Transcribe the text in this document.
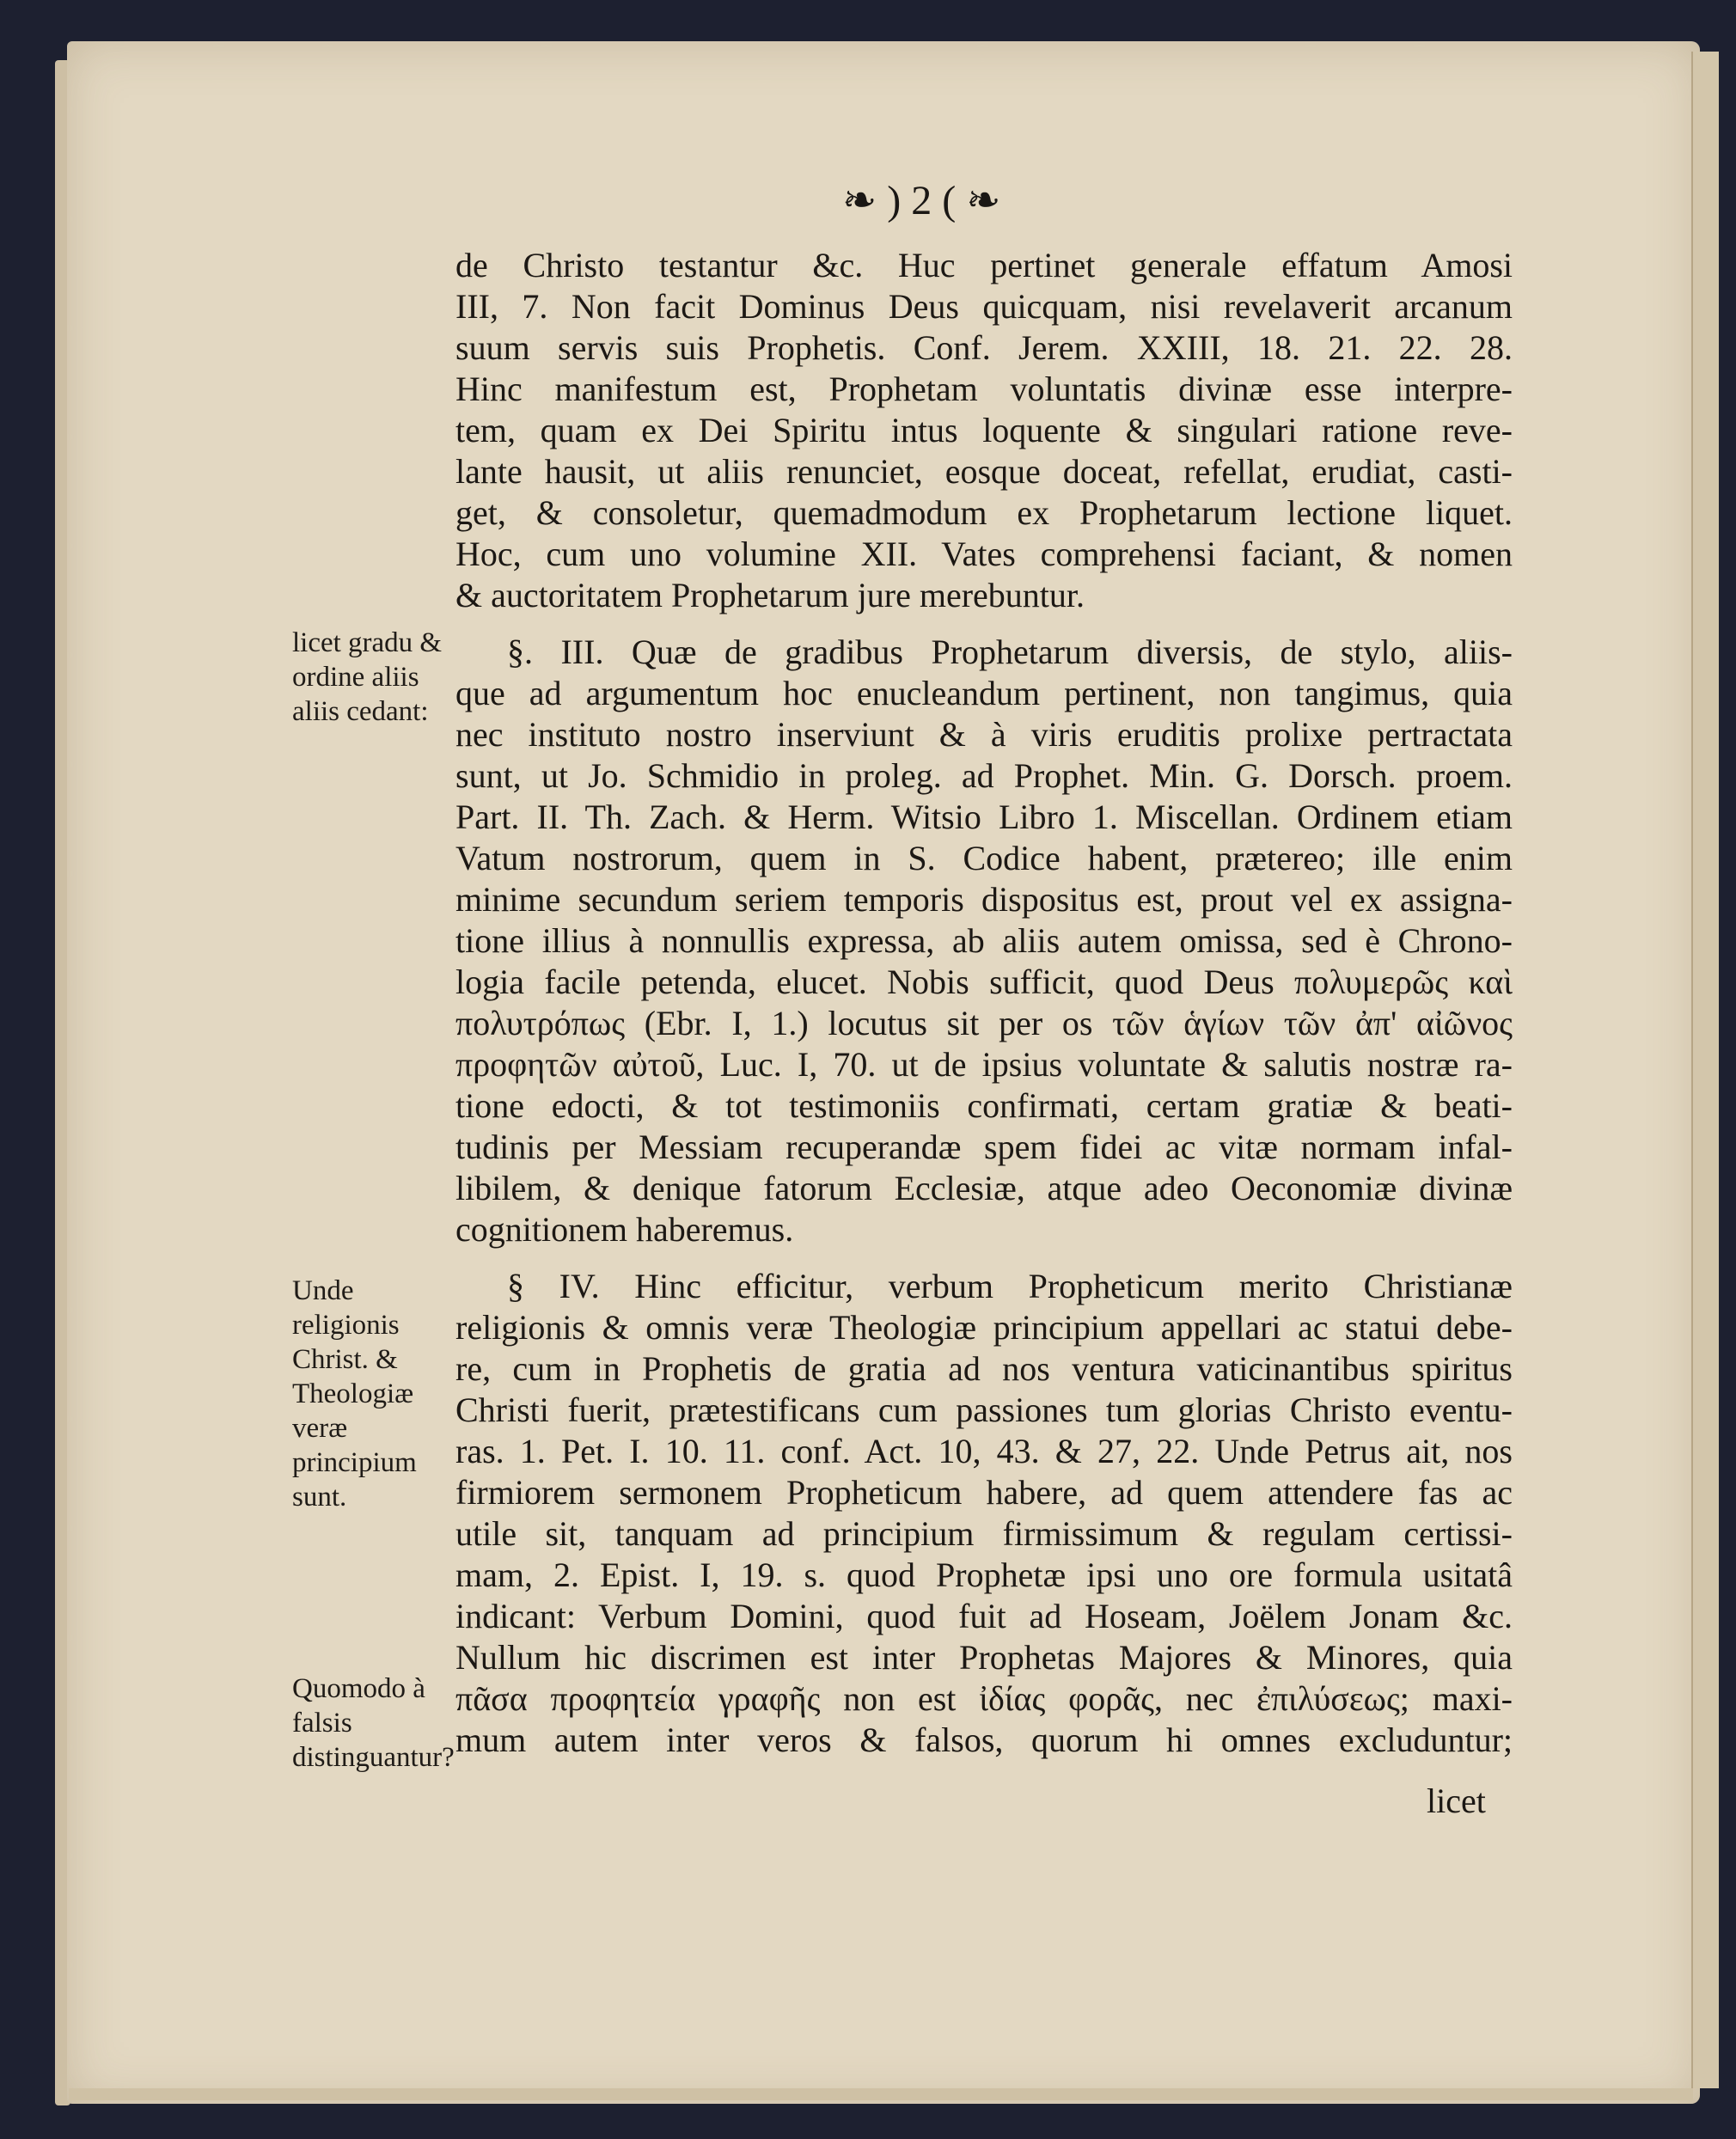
❧ ) 2 ( ❧
licet gradu & ordine aliis aliis cedant:
Unde religionis Christ. & Theologiæ veræ principium sunt.
Quomodo à falsis distinguantur?
de Christo testantur &c. Huc pertinet generale effatum Amosi
III, 7. Non facit Dominus Deus quicquam, nisi revelaverit arcanum
suum servis suis Prophetis. Conf. Jerem. XXIII, 18. 21. 22. 28.
Hinc manifestum est, Prophetam voluntatis divinæ esse interpre-
tem, quam ex Dei Spiritu intus loquente & singulari ratione reve-
lante hausit, ut aliis renunciet, eosque doceat, refellat, erudiat, casti-
get, & consoletur, quemadmodum ex Prophetarum lectione liquet.
Hoc, cum uno volumine XII. Vates comprehensi faciant, & nomen
& auctoritatem Prophetarum jure merebuntur.
§. III. Quæ de gradibus Prophetarum diversis, de stylo, aliis-
que ad argumentum hoc enucleandum pertinent, non tangimus, quia
nec instituto nostro inserviunt & à viris eruditis prolixe pertractata
sunt, ut Jo. Schmidio in proleg. ad Prophet. Min. G. Dorsch. proem.
Part. II. Th. Zach. & Herm. Witsio Libro 1. Miscellan. Ordinem etiam
Vatum nostrorum, quem in S. Codice habent, prætereo; ille enim
minime secundum seriem temporis dispositus est, prout vel ex assigna-
tione illius à nonnullis expressa, ab aliis autem omissa, sed è Chrono-
logia facile petenda, elucet. Nobis sufficit, quod Deus πολυμερῶς καὶ
πολυτρόπως (Ebr. I, 1.) locutus sit per os τῶν ἁγίων τῶν ἀπ' αἰῶνος
προφητῶν αὐτοῦ, Luc. I, 70. ut de ipsius voluntate & salutis nostræ ra-
tione edocti, & tot testimoniis confirmati, certam gratiæ & beati-
tudinis per Messiam recuperandæ spem fidei ac vitæ normam infal-
libilem, & denique fatorum Ecclesiæ, atque adeo Oeconomiæ divinæ
cognitionem haberemus.
§ IV. Hinc efficitur, verbum Propheticum merito Christianæ
religionis & omnis veræ Theologiæ principium appellari ac statui debe-
re, cum in Prophetis de gratia ad nos ventura vaticinantibus spiritus
Christi fuerit, prætestificans cum passiones tum glorias Christo eventu-
ras. 1. Pet. I. 10. 11. conf. Act. 10, 43. & 27, 22. Unde Petrus ait, nos
firmiorem sermonem Propheticum habere, ad quem attendere fas ac
utile sit, tanquam ad principium firmissimum & regulam certissi-
mam, 2. Epist. I, 19. s. quod Prophetæ ipsi uno ore formula usitatâ
indicant: Verbum Domini, quod fuit ad Hoseam, Joëlem Jonam &c.
Nullum hic discrimen est inter Prophetas Majores & Minores, quia
πᾶσα προφητεία γραφῆς non est ἰδίας φορᾶς, nec ἐπιλύσεως; maxi-
mum autem inter veros & falsos, quorum hi omnes excluduntur;
licet
